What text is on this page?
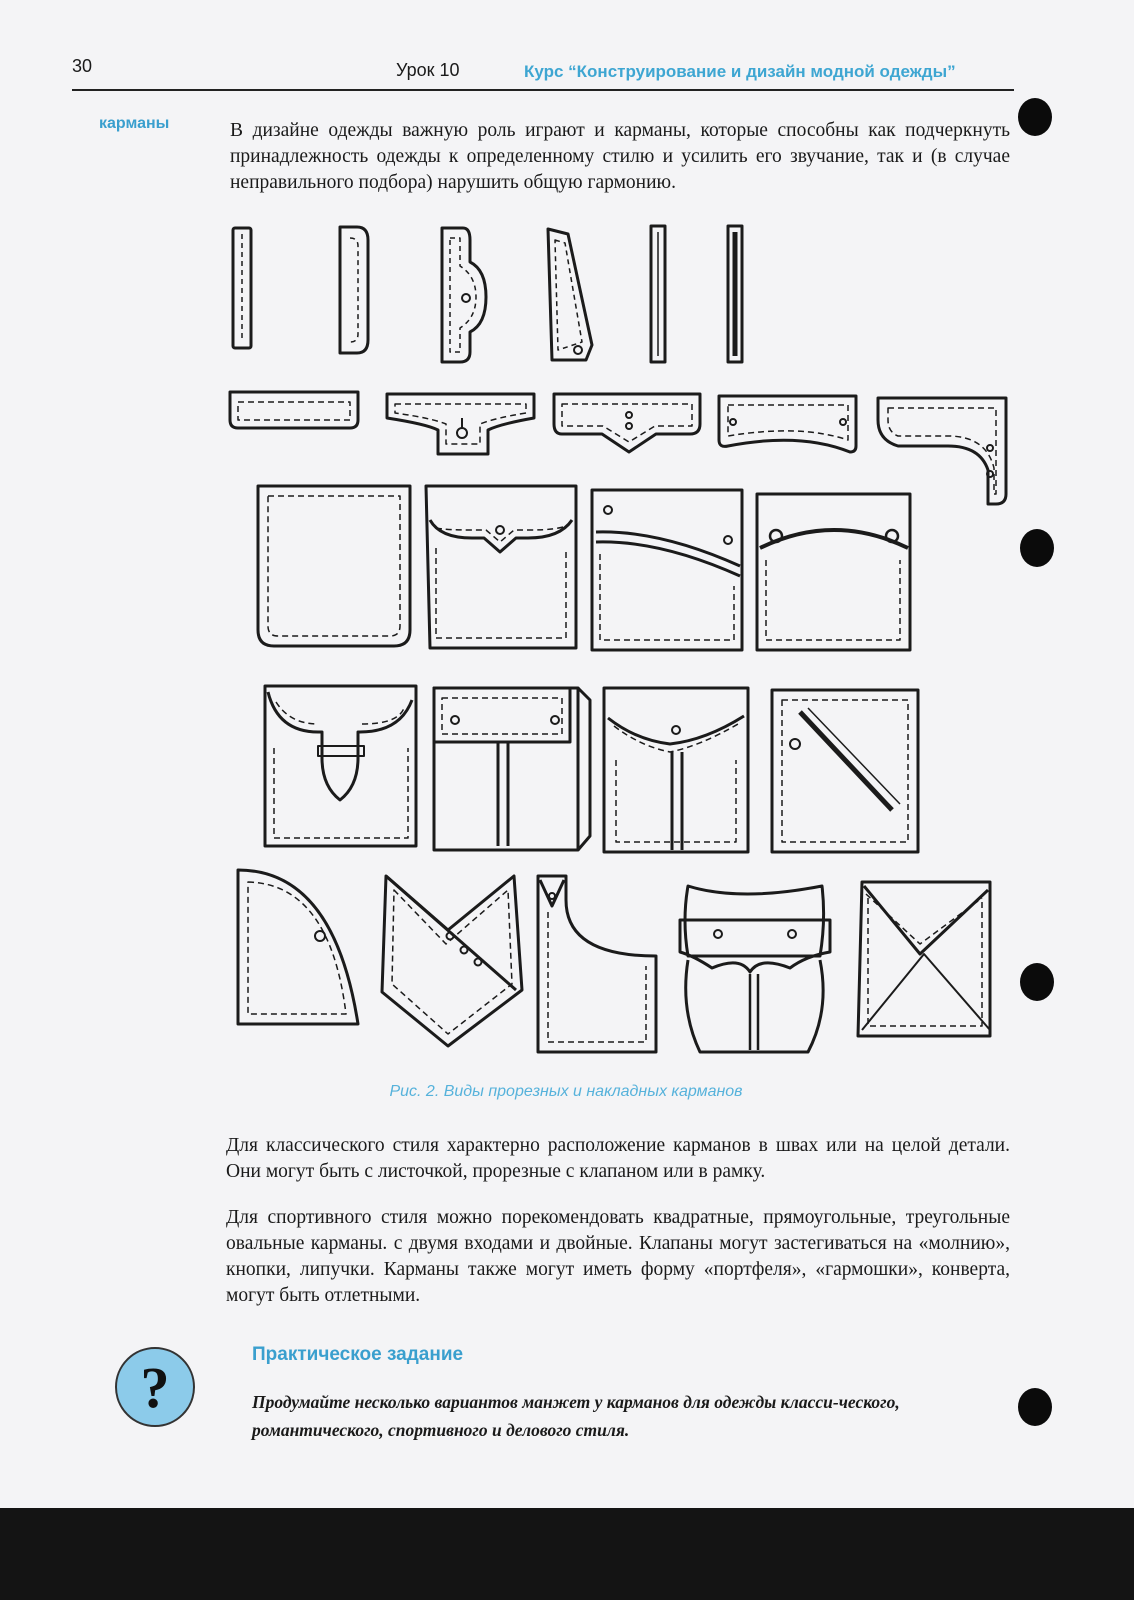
30	Урок 10	Курс “Конструирование и дизайн модной одежды”
карманы	В дизайне одежды важную роль играют и карманы, которые способны как подчеркнуть принадлежность одежды к определенному стилю и усилить его звучание, так и (в случае неправильного подбора) нарушить общую гармонию.

Рис. 2. Виды прорезных и накладных карманов

Для классического стиля характерно расположение карманов в швах или на целой детали. Они могут быть с листочкой, прорезные с клапаном или в рамку.

Для спортивного стиля можно порекомендовать квадратные, прямоугольные, треугольные овальные карманы. с двумя входами и двойные. Клапаны могут застегиваться на «молнию», кнопки, липучки. Карманы также могут иметь форму «портфеля», «гармошки», конверта, могут быть отлетными.

?
Практическое задание
Продумайте несколько вариантов манжет у карманов для одежды класси-ческого, романтического, спортивного и делового стиля.
